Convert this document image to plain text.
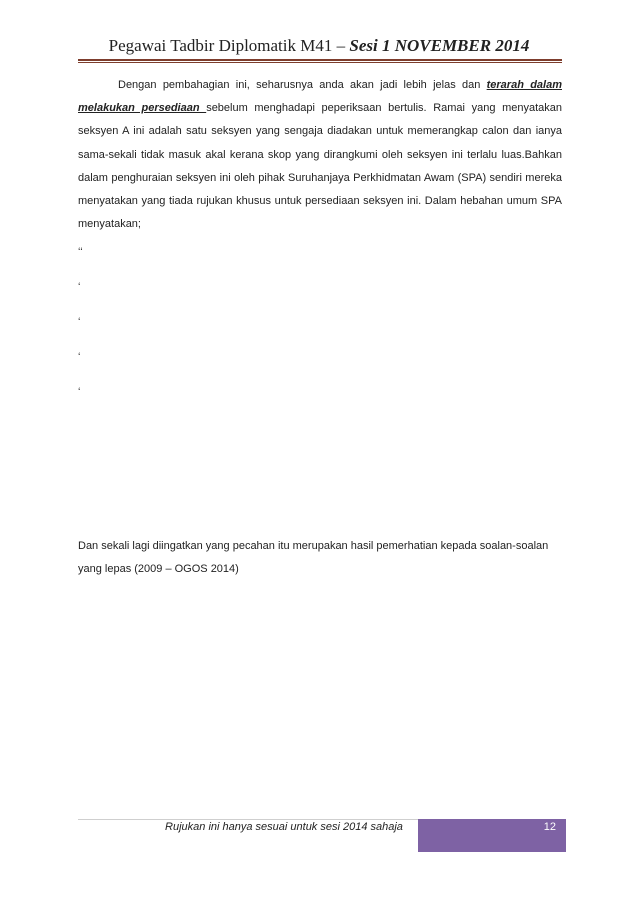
Pegawai Tadbir Diplomatik M41 – Sesi 1 NOVEMBER 2014

Dengan pembahagian ini, seharusnya anda akan jadi lebih jelas dan terarah dalam melakukan persediaan sebelum menghadapi peperiksaan bertulis. Ramai yang menyatakan seksyen A ini adalah satu seksyen yang sengaja diadakan untuk memerangkap calon dan ianya sama-sekali tidak masuk akal kerana skop yang dirangkumi oleh seksyen ini terlalu luas.Bahkan dalam penghuraian seksyen ini oleh pihak Suruhanjaya Perkhidmatan Awam (SPA) sendiri mereka menyatakan yang tiada rujukan khusus untuk persediaan seksyen ini. Dalam hebahan umum SPA menyatakan;

‘‘
‘
‘
‘
‘

Dan sekali lagi diingatkan yang pecahan itu merupakan hasil pemerhatian kepada soalan-soalan yang lepas (2009 – OGOS 2014)

Rujukan ini hanya sesuai untuk sesi 2014 sahaja	12
